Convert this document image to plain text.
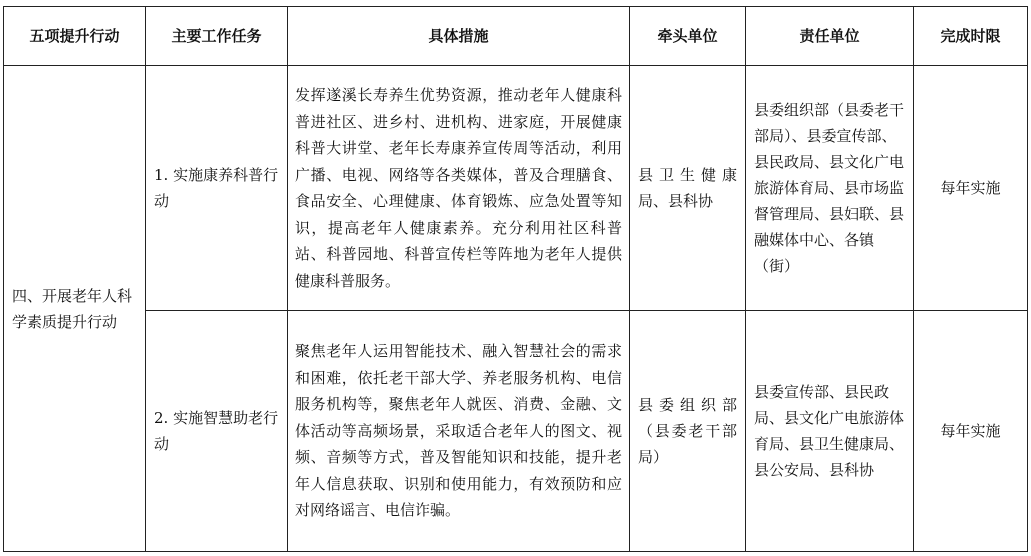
五项提升行动	主要工作任务	具体措施	牵头单位	责任单位	完成时限
四、开展老年人科学素质提升行动	1. 实施康养科普行动	发挥遂溪长寿养生优势资源，推动老年人健康科普进社区、进乡村、进机构、进家庭，开展健康科普大讲堂、老年长寿康养宣传周等活动，利用广播、电视、网络等各类媒体，普及合理膳食、食品安全、心理健康、体育锻炼、应急处置等知识，提高老年人健康素养。充分利用社区科普站、科普园地、科普宣传栏等阵地为老年人提供健康科普服务。	县卫生健康局、县科协	县委组织部（县委老干部局）、县委宣传部、县民政局、县文化广电旅游体育局、县市场监督管理局、县妇联、县融媒体中心、各镇（街）	每年实施
	2. 实施智慧助老行动	聚焦老年人运用智能技术、融入智慧社会的需求和困难，依托老干部大学、养老服务机构、电信服务机构等，聚焦老年人就医、消费、金融、文体活动等高频场景，采取适合老年人的图文、视频、音频等方式，普及智能知识和技能，提升老年人信息获取、识别和使用能力，有效预防和应对网络谣言、电信诈骗。	县委组织部（县委老干部局）	县委宣传部、县民政局、县文化广电旅游体育局、县卫生健康局、县公安局、县科协	每年实施
